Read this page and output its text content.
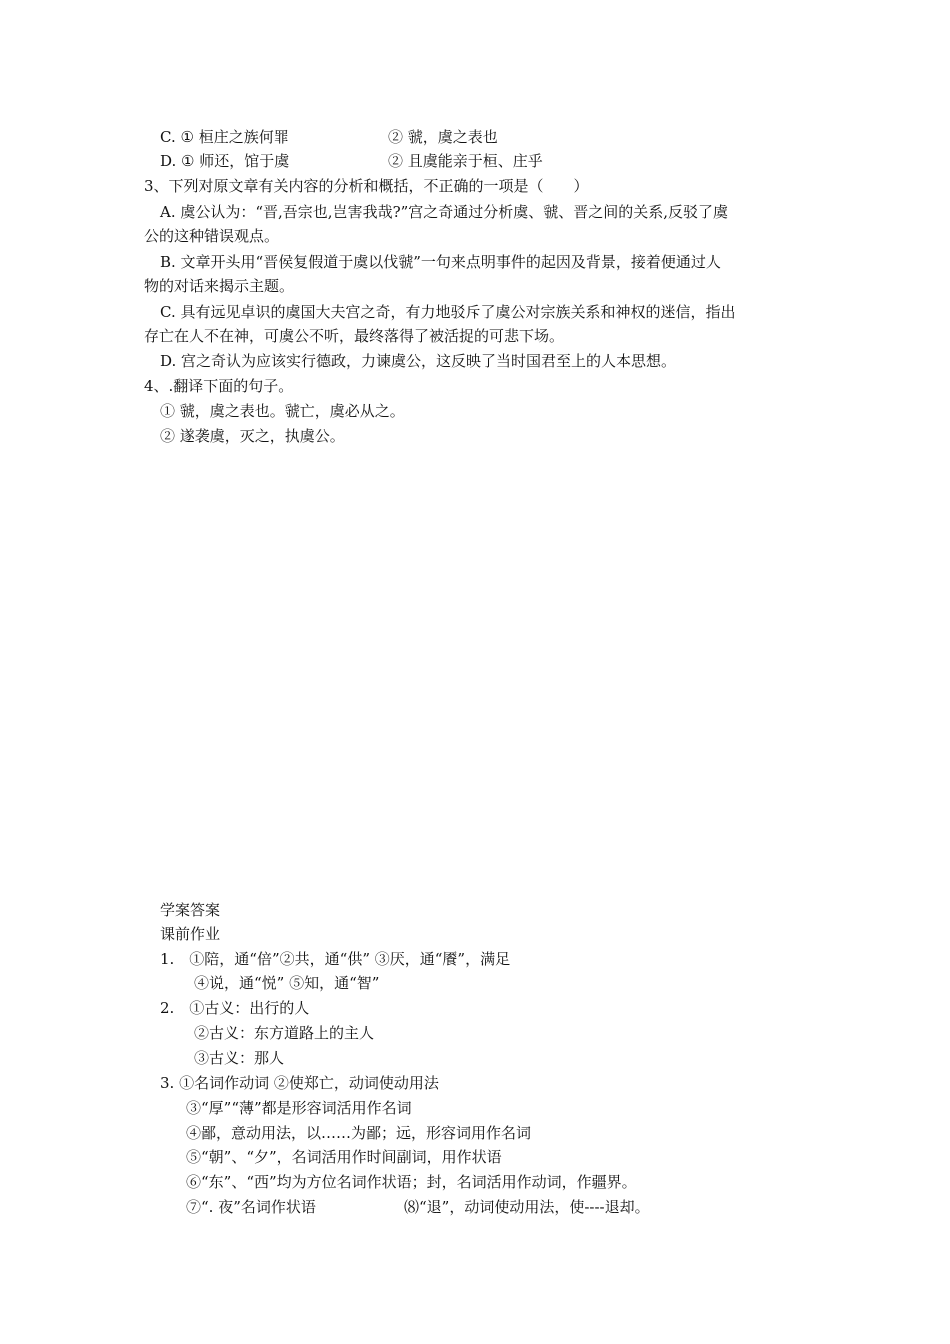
C. ① 桓庄之族何罪	② 虢，虞之表也
D. ① 师还，馆于虞	② 且虞能亲于桓、庄乎
3、下列对原文章有关内容的分析和概括，不正确的一项是（　　）
A. 虞公认为：“晋,吾宗也,岂害我哉?”宫之奇通过分析虞、虢、晋之间的关系,反驳了虞
公的这种错误观点。
B. 文章开头用“晋侯复假道于虞以伐虢”一句来点明事件的起因及背景，接着便通过人
物的对话来揭示主题。
C. 具有远见卓识的虞国大夫宫之奇，有力地驳斥了虞公对宗族关系和神权的迷信，指出
存亡在人不在神，可虞公不听，最终落得了被活捉的可悲下场。
D. 宫之奇认为应该实行德政，力谏虞公，这反映了当时国君至上的人本思想。
4、.翻译下面的句子。
① 虢，虞之表也。虢亡，虞必从之。
② 遂袭虞，灭之，执虞公。
学案答案
课前作业
1.　①陪，通“倍”②共，通“供” ③厌，通“餍”，满足
④说，通“悦” ⑤知，通“智”
2.　①古义：出行的人
②古义：东方道路上的主人
③古义：那人
3. ①名词作动词 ②使郑亡，动词使动用法
③“厚”“薄”都是形容词活用作名词
④鄙，意动用法，以……为鄙；远，形容词用作名词
⑤“朝”、“夕”，名词活用作时间副词，用作状语
⑥“东”、“西”均为方位名词作状语；封，名词活用作动词，作疆界。
⑦“. 夜”名词作状语	⑻“退”，动词使动用法，使----退却。
